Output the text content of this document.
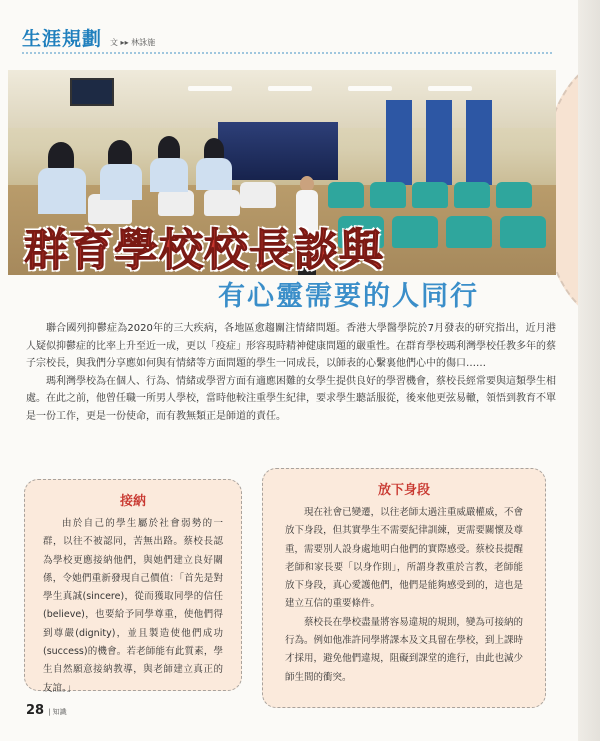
生涯規劃 文 ▸▸ 林詠施
群育學校校長談與
有心靈需要的人同行

聯合國列抑鬱症為2020年的三大疾病，各地區愈趨關注情緒問題。香港大學醫學院於7月發表的研究指出，近月港人疑似抑鬱症的比率上升至近一成，更以「疫症」形容現時精神健康問題的嚴重性。在群育學校瑪利灣學校任教多年的蔡子宗校長，與我們分享應如何與有情緒等方面問題的學生一同成長，以師表的心繫裏他們心中的傷口……

瑪利灣學校為在個人、行為、情緒或學習方面有適應困難的女學生提供良好的學習機會，蔡校長經常要與這類學生相處。在此之前，他曾任職一所男人學校，當時他較注重學生紀律，要求學生聽話服從，後來他更弦易轍，領悟到教育不單是一份工作，更是一份使命，而有教無類正是師道的責任。

接納

由於自己的學生屬於社會弱勢的一群，以往不被認同，苦無出路。蔡校長認為學校更應接納他們，與她們建立良好關係，令她們重新發現自己價值：「首先是對學生真誠(sincere)，從而獲取同學的信任(believe)，也要給予同學尊重，使他們得到尊嚴(dignity)，並且製造使他們成功(success)的機會。若老師能有此質素，學生自然願意接納教導，與老師建立真正的友誼。」

放下身段

現在社會已變遷，以往老師太過注重威嚴權威，不會放下身段，但其實學生不需要紀律訓練，更需要關懷及尊重，需要別人設身處地明白他們的實際感受。蔡校長提醒老師和家長要「以身作則」，所謂身教重於言教，老師能放下身段，真心愛護他們，他們是能夠感受到的，這也是建立互信的重要條件。

蔡校長在學校盡量將容易違規的規則，變為可接納的行為。例如他准許同學將課本及文具留在學校，到上課時才採用，避免他們違規，阻礙到課堂的進行，由此也減少師生間的衝突。

28 | 知識
